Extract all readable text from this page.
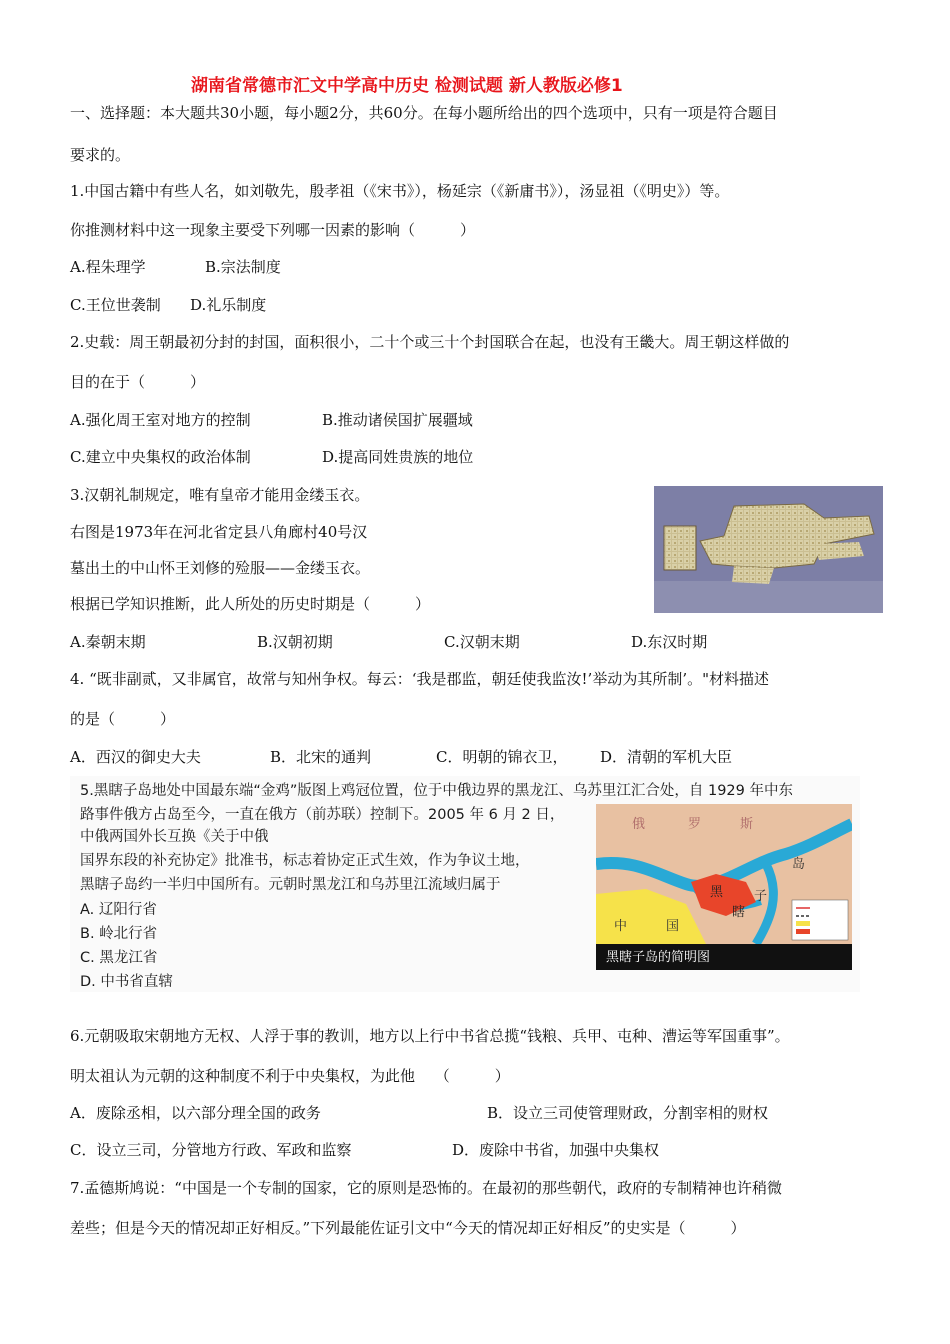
湖南省常德市汇文中学高中历史 检测试题 新人教版必修1
一、选择题：本大题共30小题，每小题2分，共60分。在每小题所给出的四个选项中，只有一项是符合题目
要求的。
1.中国古籍中有些人名，如刘敬先，殷孝祖（《宋书》），杨延宗（《新庸书》），汤显祖（《明史》）等。
你推测材料中这一现象主要受下列哪一因素的影响（　　　）
A.程朱理学	B.宗法制度
C.王位世袭制 D.礼乐制度
2.史载：周王朝最初分封的封国，面积很小，二十个或三十个封国联合在起，也没有王畿大。周王朝这样做的
目的在于（　　　）
A.强化周王室对地方的控制	B.推动诸侯国扩展疆域
C.建立中央集权的政治体制	D.提高同姓贵族的地位
3.汉朝礼制规定，唯有皇帝才能用金缕玉衣。
右图是1973年在河北省定县八角廊村40号汉
墓出土的中山怀王刘修的殓服——金缕玉衣。
根据已学知识推断，此人所处的历史时期是（　　　）
A.秦朝末期	B.汉朝初期	C.汉朝末期	D.东汉时期
4. “既非副贰，又非属官，故常与知州争权。每云：‘我是郡监，朝廷使我监汝!’举动为其所制’。"材料描述
的是（　　　）
A．西汉的御史大夫	B．北宋的通判	C．明朝的锦衣卫， D．清朝的军机大臣
5.黑瞎子岛地处中国最东端“金鸡”版图上鸡冠位置，位于中俄边界的黑龙江、乌苏里江汇合处，自 1929 年中东
路事件俄方占岛至今，一直在俄方（前苏联）控制下。2005 年 6 月 2 日，
中俄两国外长互换《关于中俄
国界东段的补充协定》批准书，标志着协定正式生效，作为争议土地，
黑瞎子岛约一半归中国所有。元朝时黑龙江和乌苏里江流域归属于
A. 辽阳行省
B. 岭北行省
C. 黑龙江省
D. 中书省直辖
俄	罗	斯
岛
子
黑
瞎
中	国
黑瞎子岛的简明图
6.元朝吸取宋朝地方无权、人浮于事的教训，地方以上行中书省总揽“钱粮、兵甲、屯种、漕运等军国重事”。
明太祖认为元朝的这种制度不利于中央集权，为此他　 （　　　）
A．废除丞相，以六部分理全国的政务	B．设立三司使管理财政，分割宰相的财权
C．设立三司，分管地方行政、军政和监察	D．废除中书省，加强中央集权
7.孟德斯鸠说：“中国是一个专制的国家，它的原则是恐怖的。在最初的那些朝代，政府的专制精神也许稍微
差些；但是今天的情况却正好相反。”下列最能佐证引文中“今天的情况却正好相反”的史实是（　　　）
